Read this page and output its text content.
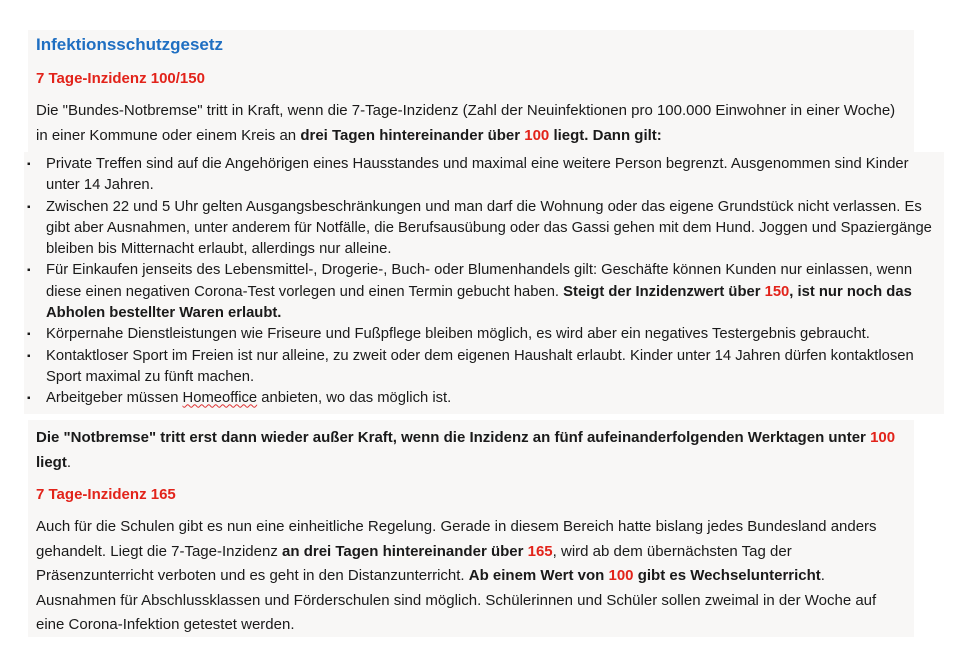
Infektionsschutzgesetz
7 Tage-Inzidenz 100/150
Die "Bundes-Notbremse" tritt in Kraft, wenn die 7-Tage-Inzidenz (Zahl der Neuinfektionen pro 100.000 Einwohner in einer Woche) in einer Kommune oder einem Kreis an drei Tagen hintereinander über 100 liegt. Dann gilt:
▪ Private Treffen sind auf die Angehörigen eines Hausstandes und maximal eine weitere Person begrenzt. Ausgenommen sind Kinder unter 14 Jahren.
▪ Zwischen 22 und 5 Uhr gelten Ausgangsbeschränkungen und man darf die Wohnung oder das eigene Grundstück nicht verlassen. Es gibt aber Ausnahmen, unter anderem für Notfälle, die Berufsausübung oder das Gassi gehen mit dem Hund. Joggen und Spaziergänge bleiben bis Mitternacht erlaubt, allerdings nur alleine.
▪ Für Einkaufen jenseits des Lebensmittel-, Drogerie-, Buch- oder Blumenhandels gilt: Geschäfte können Kunden nur einlassen, wenn diese einen negativen Corona-Test vorlegen und einen Termin gebucht haben. Steigt der Inzidenzwert über 150, ist nur noch das Abholen bestellter Waren erlaubt.
▪ Körpernahe Dienstleistungen wie Friseure und Fußpflege bleiben möglich, es wird aber ein negatives Testergebnis gebraucht.
▪ Kontaktloser Sport im Freien ist nur alleine, zu zweit oder dem eigenen Haushalt erlaubt. Kinder unter 14 Jahren dürfen kontaktlosen Sport maximal zu fünft machen.
▪ Arbeitgeber müssen Homeoffice anbieten, wo das möglich ist.
Die "Notbremse" tritt erst dann wieder außer Kraft, wenn die Inzidenz an fünf aufeinanderfolgenden Werktagen unter 100 liegt.
7 Tage-Inzidenz 165
Auch für die Schulen gibt es nun eine einheitliche Regelung. Gerade in diesem Bereich hatte bislang jedes Bundesland anders gehandelt. Liegt die 7-Tage-Inzidenz an drei Tagen hintereinander über 165, wird ab dem übernächsten Tag der Präsenzunterricht verboten und es geht in den Distanzunterricht. Ab einem Wert von 100 gibt es Wechselunterricht. Ausnahmen für Abschlussklassen und Förderschulen sind möglich. Schülerinnen und Schüler sollen zweimal in der Woche auf eine Corona-Infektion getestet werden.
